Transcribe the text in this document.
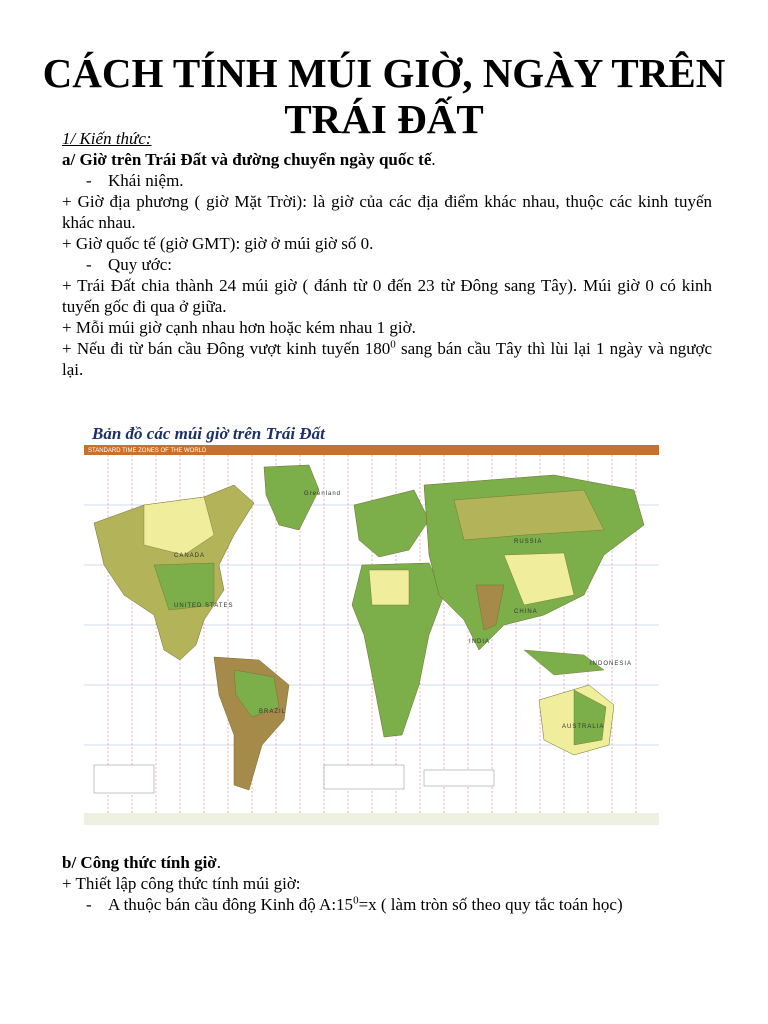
CÁCH TÍNH MÚI GIỜ, NGÀY TRÊN TRÁI ĐẤT
1/ Kiến thức:
a/ Giờ trên Trái Đất và đường chuyển ngày quốc tế.
- Khái niệm.
+ Giờ địa phương ( giờ Mặt Trời): là giờ của các địa điểm khác nhau, thuộc các kinh tuyến khác nhau.
+ Giờ quốc tế (giờ GMT): giờ ở múi giờ số 0.
- Quy ước:
+ Trái Đất chia thành 24 múi giờ ( đánh từ 0 đến 23 từ Đông sang Tây). Múi giờ 0 có kinh tuyến gốc đi qua ở giữa.
+ Mỗi múi giờ cạnh nhau hơn hoặc kém nhau 1 giờ.
+ Nếu đi từ bán cầu Đông vượt kinh tuyến $180^0$ sang bán cầu Tây thì lùi lại 1 ngày và ngược lại.
Bản đồ các múi giờ trên Trái Đất
STANDARD TIME ZONES OF THE WORLD
CANADA
UNITED STATES
BRAZIL
RUSSIA
CHINA
INDIA
AUSTRALIA
Greenland
INDONESIA
b/ Công thức tính giờ.
+ Thiết lập công thức tính múi giờ:
- A thuộc bán cầu đông Kinh độ $A:15^0=x$ ( làm tròn số theo quy tắc toán học)
